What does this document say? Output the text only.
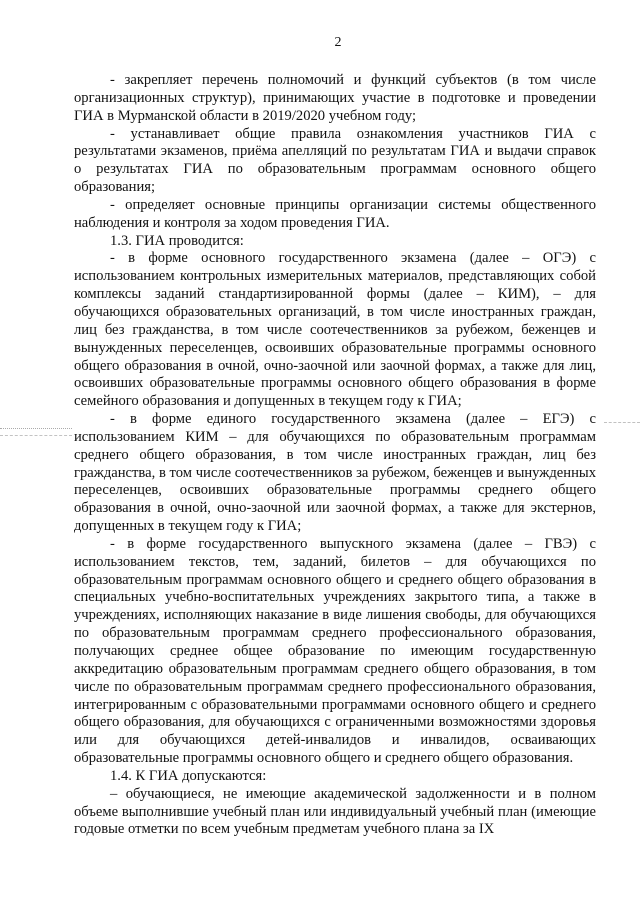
2

- закрепляет перечень полномочий и функций субъектов (в том числе организационных структур), принимающих участие в подготовке и проведении ГИА в Мурманской области в 2019/2020 учебном году;

- устанавливает общие правила ознакомления участников ГИА с результатами экзаменов, приёма апелляций по результатам ГИА и выдачи справок о результатах ГИА по образовательным программам основного общего образования;

- определяет основные принципы организации системы общественного наблюдения и контроля за ходом проведения ГИА.

1.3. ГИА проводится:

- в форме основного государственного экзамена (далее – ОГЭ) с использованием контрольных измерительных материалов, представляющих собой комплексы заданий стандартизированной формы (далее – КИМ), – для обучающихся образовательных организаций, в том числе иностранных граждан, лиц без гражданства, в том числе соотечественников за рубежом, беженцев и вынужденных переселенцев, освоивших образовательные программы основного общего образования в очной, очно-заочной или заочной формах, а также для лиц, освоивших образовательные программы основного общего образования в форме семейного образования и допущенных в текущем году к ГИА;

- в форме единого государственного экзамена (далее – ЕГЭ) с использованием КИМ – для обучающихся по образовательным программам среднего общего образования, в том числе иностранных граждан, лиц без гражданства, в том числе соотечественников за рубежом, беженцев и вынужденных переселенцев, освоивших образовательные программы среднего общего образования в очной, очно-заочной или заочной формах, а также для экстернов, допущенных в текущем году к ГИА;

- в форме государственного выпускного экзамена (далее – ГВЭ) с использованием текстов, тем, заданий, билетов – для обучающихся по образовательным программам основного общего и среднего общего образования в специальных учебно-воспитательных учреждениях закрытого типа, а также в учреждениях, исполняющих наказание в виде лишения свободы, для обучающихся по образовательным программам среднего профессионального образования, получающих среднее общее образование по имеющим государственную аккредитацию образовательным программам среднего общего образования, в том числе по образовательным программам среднего профессионального образования, интегрированным с образовательными программами основного общего и среднего общего образования, для обучающихся с ограниченными возможностями здоровья или для обучающихся детей-инвалидов и инвалидов, осваивающих образовательные программы основного общего и среднего общего образования.

1.4. К ГИА допускаются:

– обучающиеся, не имеющие академической задолженности и в полном объеме выполнившие учебный план или индивидуальный учебный план (имеющие годовые отметки по всем учебным предметам учебного плана за IX
